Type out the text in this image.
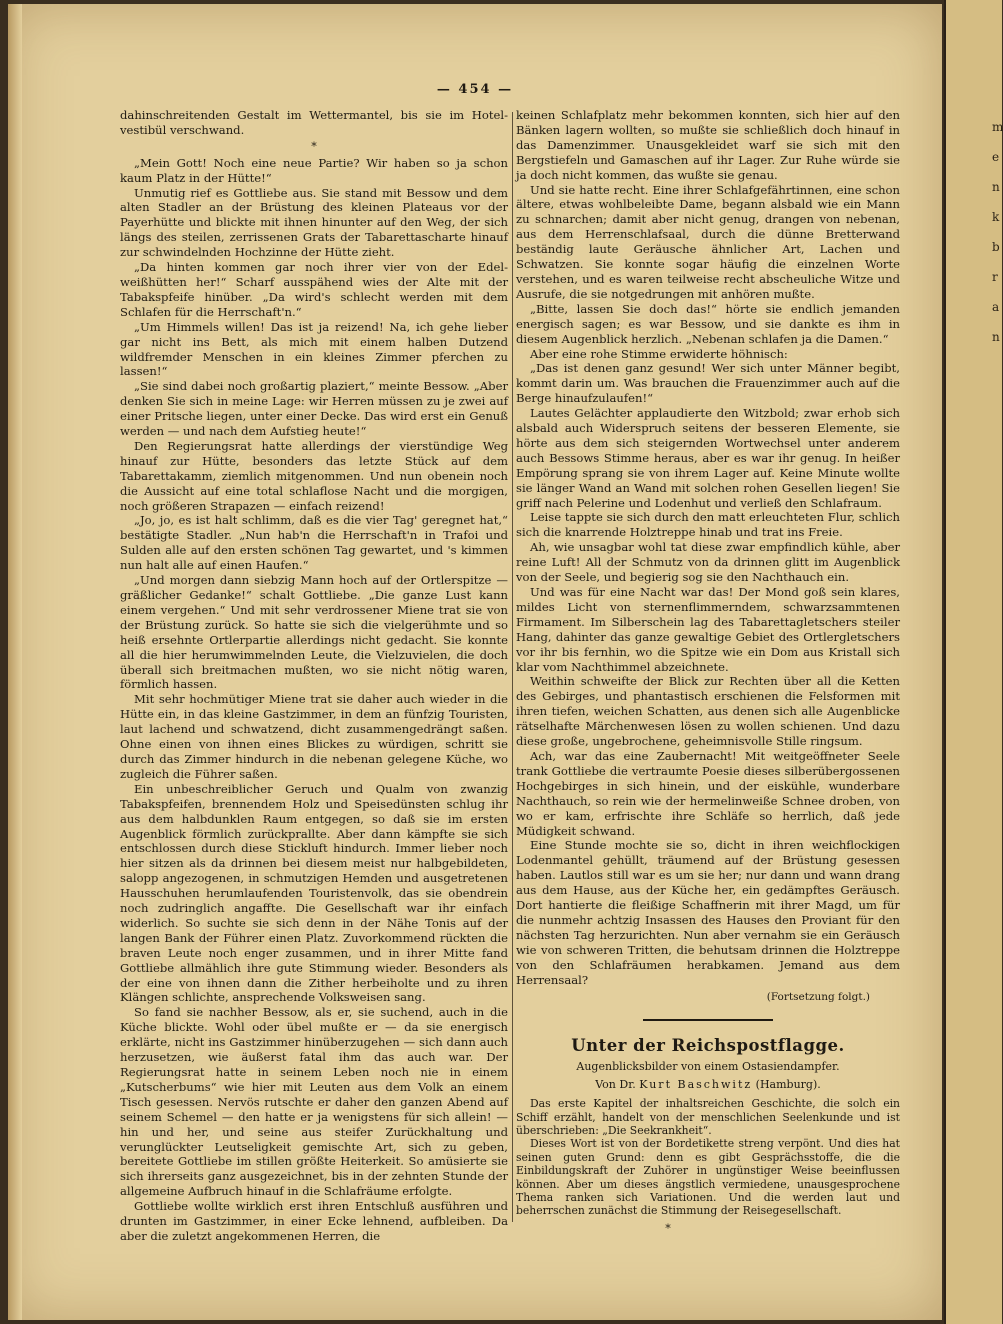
— 454 —

dahinschreitenden Gestalt im Wettermantel, bis sie im Hotelvestibül verschwand.

*

„Mein Gott! Noch eine neue Partie? Wir haben so ja schon kaum Platz in der Hütte!“

Unmutig rief es Gottliebe aus. Sie stand mit Bessow und dem alten Stadler an der Brüstung des kleinen Plateaus vor der Payerhütte und blickte mit ihnen hinunter auf den Weg, der sich längs des steilen, zerrissenen Grats der Tabarettascharte hinauf zur schwindelnden Hochzinne der Hütte zieht.

„Da hinten kommen gar noch ihrer vier von der Edelweißhütten her!“ Scharf ausspähend wies der Alte mit der Tabakspfeife hinüber. „Da wird's schlecht werden mit dem Schlafen für die Herrschaft'n.“

„Um Himmels willen! Das ist ja reizend! Na, ich gehe lieber gar nicht ins Bett, als mich mit einem halben Dutzend wildfremder Menschen in ein kleines Zimmer pferchen zu lassen!“

„Sie sind dabei noch großartig plaziert,“ meinte Bessow. „Aber denken Sie sich in meine Lage: wir Herren müssen zu je zwei auf einer Pritsche liegen, unter einer Decke. Das wird erst ein Genuß werden — und nach dem Aufstieg heute!“

Den Regierungsrat hatte allerdings der vierstündige Weg hinauf zur Hütte, besonders das letzte Stück auf dem Tabarettakamm, ziemlich mitgenommen. Und nun obenein noch die Aussicht auf eine total schlaflose Nacht und die morgigen, noch größeren Strapazen — einfach reizend!

„Jo, jo, es ist halt schlimm, daß es die vier Tag' geregnet hat,“ bestätigte Stadler. „Nun hab'n die Herrschaft'n in Trafoi und Sulden alle auf den ersten schönen Tag gewartet, und 's kimmen nun halt alle auf einen Haufen.“

„Und morgen dann siebzig Mann hoch auf der Ortlerspitze — gräßlicher Gedanke!“ schalt Gottliebe. „Die ganze Lust kann einem vergehen.“ Und mit sehr verdrossener Miene trat sie von der Brüstung zurück. So hatte sie sich die vielgerühmte und so heiß ersehnte Ortlerpartie allerdings nicht gedacht. Sie konnte all die hier herumwimmelnden Leute, die Vielzuvielen, die doch überall sich breitmachen mußten, wo sie nicht nötig waren, förmlich hassen.

Mit sehr hochmütiger Miene trat sie daher auch wieder in die Hütte ein, in das kleine Gastzimmer, in dem an fünfzig Touristen, laut lachend und schwatzend, dicht zusammengedrängt saßen. Ohne einen von ihnen eines Blickes zu würdigen, schritt sie durch das Zimmer hindurch in die nebenan gelegene Küche, wo zugleich die Führer saßen.

Ein unbeschreiblicher Geruch und Qualm von zwanzig Tabakspfeifen, brennendem Holz und Speisedünsten schlug ihr aus dem halbdunklen Raum entgegen, so daß sie im ersten Augenblick förmlich zurückprallte. Aber dann kämpfte sie sich entschlossen durch diese Stickluft hindurch. Immer lieber noch hier sitzen als da drinnen bei diesem meist nur halbgebildeten, salopp angezogenen, in schmutzigen Hemden und ausgetretenen Hausschuhen herumlaufenden Touristenvolk, das sie obendrein noch zudringlich angaffte. Die Gesellschaft war ihr einfach widerlich. So suchte sie sich denn in der Nähe Tonis auf der langen Bank der Führer einen Platz. Zuvorkommend rückten die braven Leute noch enger zusammen, und in ihrer Mitte fand Gottliebe allmählich ihre gute Stimmung wieder. Besonders als der eine von ihnen dann die Zither herbeiholte und zu ihren Klängen schlichte, ansprechende Volksweisen sang.

So fand sie nachher Bessow, als er, sie suchend, auch in die Küche blickte. Wohl oder übel mußte er — da sie energisch erklärte, nicht ins Gastzimmer hinüberzugehen — sich dann auch herzusetzen, wie äußerst fatal ihm das auch war. Der Regierungsrat hatte in seinem Leben noch nie in einem „Kutscherbums“ wie hier mit Leuten aus dem Volk an einem Tisch gesessen. Nervös rutschte er daher den ganzen Abend auf seinem Schemel — den hatte er ja wenigstens für sich allein! — hin und her, und seine aus steifer Zurückhaltung und verunglückter Leutseligkeit gemischte Art, sich zu geben, bereitete Gottliebe im stillen größte Heiterkeit. So amüsierte sie sich ihrerseits ganz ausgezeichnet, bis in der zehnten Stunde der allgemeine Aufbruch hinauf in die Schlafräume erfolgte.

Gottliebe wollte wirklich erst ihren Entschluß ausführen und drunten im Gastzimmer, in einer Ecke lehnend, aufbleiben. Da aber die zuletzt angekommenen Herren, die

keinen Schlafplatz mehr bekommen konnten, sich hier auf den Bänken lagern wollten, so mußte sie schließlich doch hinauf in das Damenzimmer. Unausgekleidet warf sie sich mit den Bergstiefeln und Gamaschen auf ihr Lager. Zur Ruhe würde sie ja doch nicht kommen, das wußte sie genau.

Und sie hatte recht. Eine ihrer Schlafgefährtinnen, eine schon ältere, etwas wohlbeleibte Dame, begann alsbald wie ein Mann zu schnarchen; damit aber nicht genug, drangen von nebenan, aus dem Herrenschlafsaal, durch die dünne Bretterwand beständig laute Geräusche ähnlicher Art, Lachen und Schwatzen. Sie konnte sogar häufig die einzelnen Worte verstehen, und es waren teilweise recht abscheuliche Witze und Ausrufe, die sie notgedrungen mit anhören mußte.

„Bitte, lassen Sie doch das!“ hörte sie endlich jemanden energisch sagen; es war Bessow, und sie dankte es ihm in diesem Augenblick herzlich. „Nebenan schlafen ja die Damen.“

Aber eine rohe Stimme erwiderte höhnisch:

„Das ist denen ganz gesund! Wer sich unter Männer begibt, kommt darin um. Was brauchen die Frauenzimmer auch auf die Berge hinaufzulaufen!“

Lautes Gelächter applaudierte den Witzbold; zwar erhob sich alsbald auch Widerspruch seitens der besseren Elemente, sie hörte aus dem sich steigernden Wortwechsel unter anderem auch Bessows Stimme heraus, aber es war ihr genug. In heißer Empörung sprang sie von ihrem Lager auf. Keine Minute wollte sie länger Wand an Wand mit solchen rohen Gesellen liegen! Sie griff nach Pelerine und Lodenhut und verließ den Schlafraum.

Leise tappte sie sich durch den matt erleuchteten Flur, schlich sich die knarrende Holztreppe hinab und trat ins Freie.

Ah, wie unsagbar wohl tat diese zwar empfindlich kühle, aber reine Luft! All der Schmutz von da drinnen glitt im Augenblick von der Seele, und begierig sog sie den Nachthauch ein.

Und was für eine Nacht war das! Der Mond goß sein klares, mildes Licht von sternenflimmerndem, schwarzsammtenen Firmament. Im Silberschein lag des Tabarettagletschers steiler Hang, dahinter das ganze gewaltige Gebiet des Ortlergletschers vor ihr bis fernhin, wo die Spitze wie ein Dom aus Kristall sich klar vom Nachthimmel abzeichnete.

Weithin schweifte der Blick zur Rechten über all die Ketten des Gebirges, und phantastisch erschienen die Felsformen mit ihren tiefen, weichen Schatten, aus denen sich alle Augenblicke rätselhafte Märchenwesen lösen zu wollen schienen. Und dazu diese große, ungebrochene, geheimnisvolle Stille ringsum.

Ach, war das eine Zaubernacht! Mit weitgeöffneter Seele trank Gottliebe die vertraumte Poesie dieses silberübergossenen Hochgebirges in sich hinein, und der eiskühle, wunderbare Nachthauch, so rein wie der hermelinweiße Schnee droben, von wo er kam, erfrischte ihre Schläfe so herrlich, daß jede Müdigkeit schwand.

Eine Stunde mochte sie so, dicht in ihren weichflockigen Lodenmantel gehüllt, träumend auf der Brüstung gesessen haben. Lautlos still war es um sie her; nur dann und wann drang aus dem Hause, aus der Küche her, ein gedämpftes Geräusch. Dort hantierte die fleißige Schaffnerin mit ihrer Magd, um für die nunmehr achtzig Insassen des Hauses den Proviant für den nächsten Tag herzurichten. Nun aber vernahm sie ein Geräusch wie von schweren Tritten, die behutsam drinnen die Holztreppe von den Schlafräumen herabkamen. Jemand aus dem Herrensaal?

(Fortsetzung folgt.)
Unter der Reichspostflagge.
Augenblicksbilder von einem Ostasiendampfer.
Von Dr. Kurt Baschwitz (Hamburg).

Das erste Kapitel der inhaltsreichen Geschichte, die solch ein Schiff erzählt, handelt von der menschlichen Seelenkunde und ist überschrieben: „Die Seekrankheit“.

Dieses Wort ist von der Bordetikette streng verpönt. Und dies hat seinen guten Grund: denn es gibt Gesprächsstoffe, die die Einbildungskraft der Zuhörer in ungünstiger Weise beeinflussen können. Aber um dieses ängstlich vermiedene, unausgesprochene Thema ranken sich Variationen. Und die werden laut und beherrschen zunächst die Stimmung der Reisegesellschaft.

*
m
e
n
k
b
r
a
n
